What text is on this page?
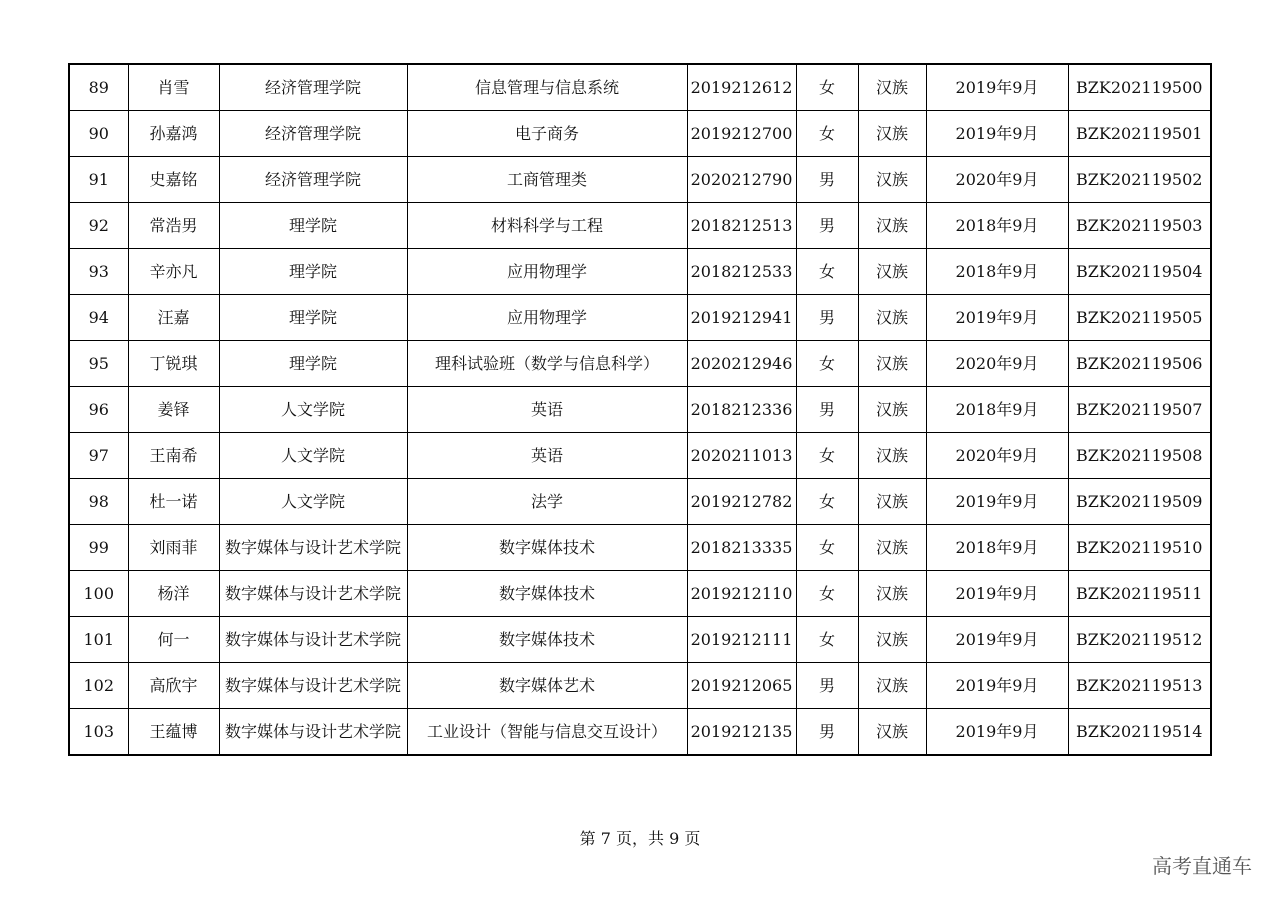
89	肖雪	经济管理学院	信息管理与信息系统	2019212612	女	汉族	2019年9月	BZK202119500
90	孙嘉鸿	经济管理学院	电子商务	2019212700	女	汉族	2019年9月	BZK202119501
91	史嘉铭	经济管理学院	工商管理类	2020212790	男	汉族	2020年9月	BZK202119502
92	常浩男	理学院	材料科学与工程	2018212513	男	汉族	2018年9月	BZK202119503
93	辛亦凡	理学院	应用物理学	2018212533	女	汉族	2018年9月	BZK202119504
94	汪嘉	理学院	应用物理学	2019212941	男	汉族	2019年9月	BZK202119505
95	丁锐琪	理学院	理科试验班（数学与信息科学）	2020212946	女	汉族	2020年9月	BZK202119506
96	姜铎	人文学院	英语	2018212336	男	汉族	2018年9月	BZK202119507
97	王南希	人文学院	英语	2020211013	女	汉族	2020年9月	BZK202119508
98	杜一诺	人文学院	法学	2019212782	女	汉族	2019年9月	BZK202119509
99	刘雨菲	数字媒体与设计艺术学院	数字媒体技术	2018213335	女	汉族	2018年9月	BZK202119510
100	杨洋	数字媒体与设计艺术学院	数字媒体技术	2019212110	女	汉族	2019年9月	BZK202119511
101	何一	数字媒体与设计艺术学院	数字媒体技术	2019212111	女	汉族	2019年9月	BZK202119512
102	高欣宇	数字媒体与设计艺术学院	数字媒体艺术	2019212065	男	汉族	2019年9月	BZK202119513
103	王蕴博	数字媒体与设计艺术学院	工业设计（智能与信息交互设计）	2019212135	男	汉族	2019年9月	BZK202119514
第 7 页，共 9 页
高考直通车
